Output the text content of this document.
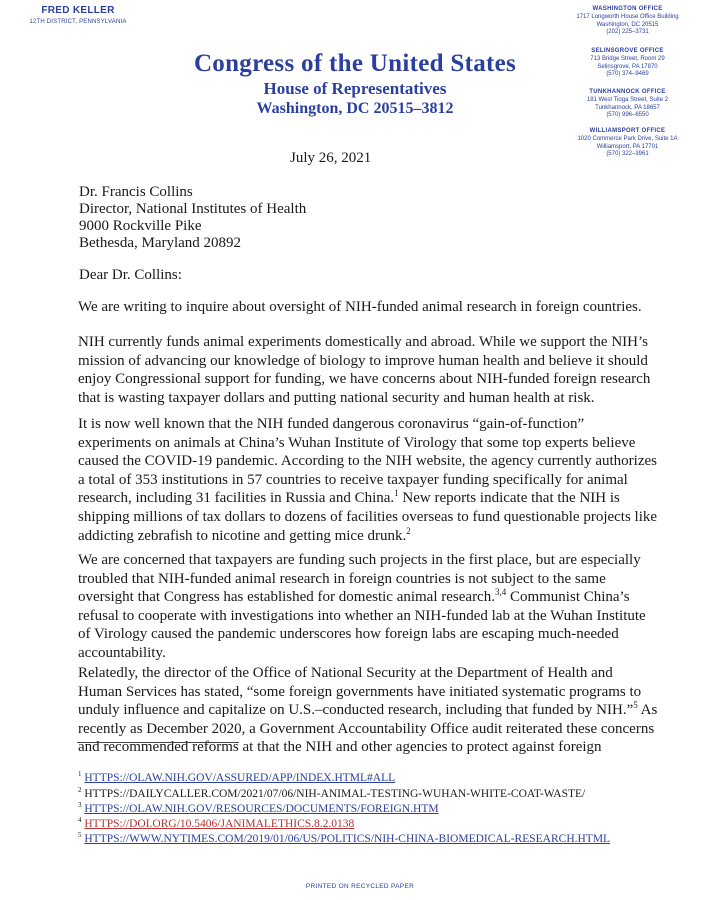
FRED KELLER
12TH DISTRICT, PENNSYLVANIA
Congress of the United States
House of Representatives
Washington, DC 20515–3812
WASHINGTON OFFICE
1717 Longworth House Office Building
Washington, DC 20515
(202) 225–3731
SELINSGROVE OFFICE
713 Bridge Street, Room 29
Selinsgrove, PA 17870
(570) 374–9469
TUNKHANNOCK OFFICE
181 West Tioga Street, Suite 2
Tunkhannock, PA 18657
(570) 996–6550
WILLIAMSPORT OFFICE
1020 Commerce Park Drive, Suite 1A
Williamsport, PA 17701
(570) 322–3961
July 26, 2021
Dr. Francis Collins
Director, National Institutes of Health
9000 Rockville Pike
Bethesda, Maryland 20892
Dear Dr. Collins:
We are writing to inquire about oversight of NIH-funded animal research in foreign countries.
NIH currently funds animal experiments domestically and abroad. While we support the NIH’s mission of advancing our knowledge of biology to improve human health and believe it should enjoy Congressional support for funding, we have concerns about NIH-funded foreign research that is wasting taxpayer dollars and putting national security and human health at risk.
It is now well known that the NIH funded dangerous coronavirus “gain-of-function” experiments on animals at China’s Wuhan Institute of Virology that some top experts believe caused the COVID-19 pandemic. According to the NIH website, the agency currently authorizes a total of 353 institutions in 57 countries to receive taxpayer funding specifically for animal research, including 31 facilities in Russia and China.$^1$ New reports indicate that the NIH is shipping millions of tax dollars to dozens of facilities overseas to fund questionable projects like addicting zebrafish to nicotine and getting mice drunk.$^2$
We are concerned that taxpayers are funding such projects in the first place, but are especially troubled that NIH-funded animal research in foreign countries is not subject to the same oversight that Congress has established for domestic animal research.$^{3,4}$ Communist China’s refusal to cooperate with investigations into whether an NIH-funded lab at the Wuhan Institute of Virology caused the pandemic underscores how foreign labs are escaping much-needed accountability.
Relatedly, the director of the Office of National Security at the Department of Health and Human Services has stated, “some foreign governments have initiated systematic programs to unduly influence and capitalize on U.S.–conducted research, including that funded by NIH.”$^5$ As recently as December 2020, a Government Accountability Office audit reiterated these concerns and recommended reforms at that the NIH and other agencies to protect against foreign
$^1$ HTTPS://OLAW.NIH.GOV/ASSURED/APP/INDEX.HTML#ALL
$^2$ HTTPS://DAILYCALLER.COM/2021/07/06/NIH-ANIMAL-TESTING-WUHAN-WHITE-COAT-WASTE/
$^3$ HTTPS://OLAW.NIH.GOV/RESOURCES/DOCUMENTS/FOREIGN.HTM
$^4$ HTTPS://DOI.ORG/10.5406/JANIMALETHICS.8.2.0138
$^5$ HTTPS://WWW.NYTIMES.COM/2019/01/06/US/POLITICS/NIH-CHINA-BIOMEDICAL-RESEARCH.HTML
PRINTED ON RECYCLED PAPER
